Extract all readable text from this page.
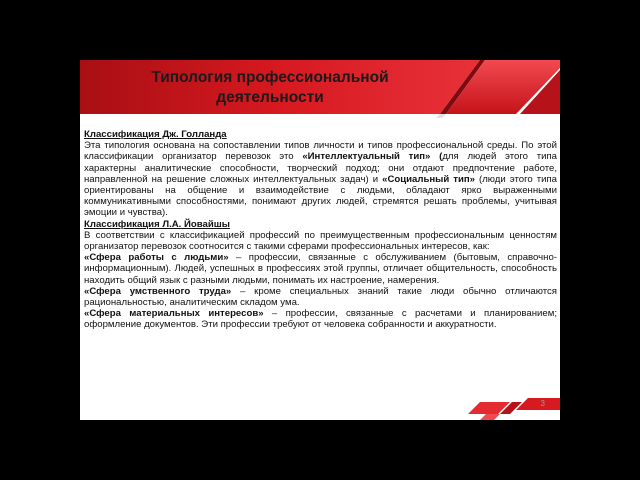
Типология профессиональной
деятельности

Классификация Дж. Голланда

Эта типология основана на сопоставлении типов личности и типов профессиональной среды. По этой классификации организатор перевозок это «Интеллектуальный тип» (для людей этого типа характерны аналитические способности, творческий подход; они отдают предпочтение работе, направленной на решение сложных интеллектуальных задач) и «Социальный тип» (люди этого типа ориентированы на общение и взаимодействие с людьми, обладают ярко выраженными коммуникативными способностями, понимают других людей, стремятся решать проблемы, учитывая эмоции и чувства).

Классификация Л.А. Йовайшы

В соответствии с классификацией профессий по преимущественным профессиональным ценностям организатор перевозок соотносится с такими сферами профессиональных интересов, как:

«Сфера работы с людьми» – профессии, связанные с обслуживанием (бытовым, справочно-информационным). Людей, успешных в профессиях этой группы, отличает общительность, способность находить общий язык с разными людьми, понимать их настроение, намерения.

«Сфера умственного труда» – кроме специальных знаний такие люди обычно отличаются рациональностью, аналитическим складом ума.

«Сфера материальных интересов» – профессии, связанные с расчетами и планированием; оформление документов. Эти профессии требуют от человека собранности и аккуратности.

3
